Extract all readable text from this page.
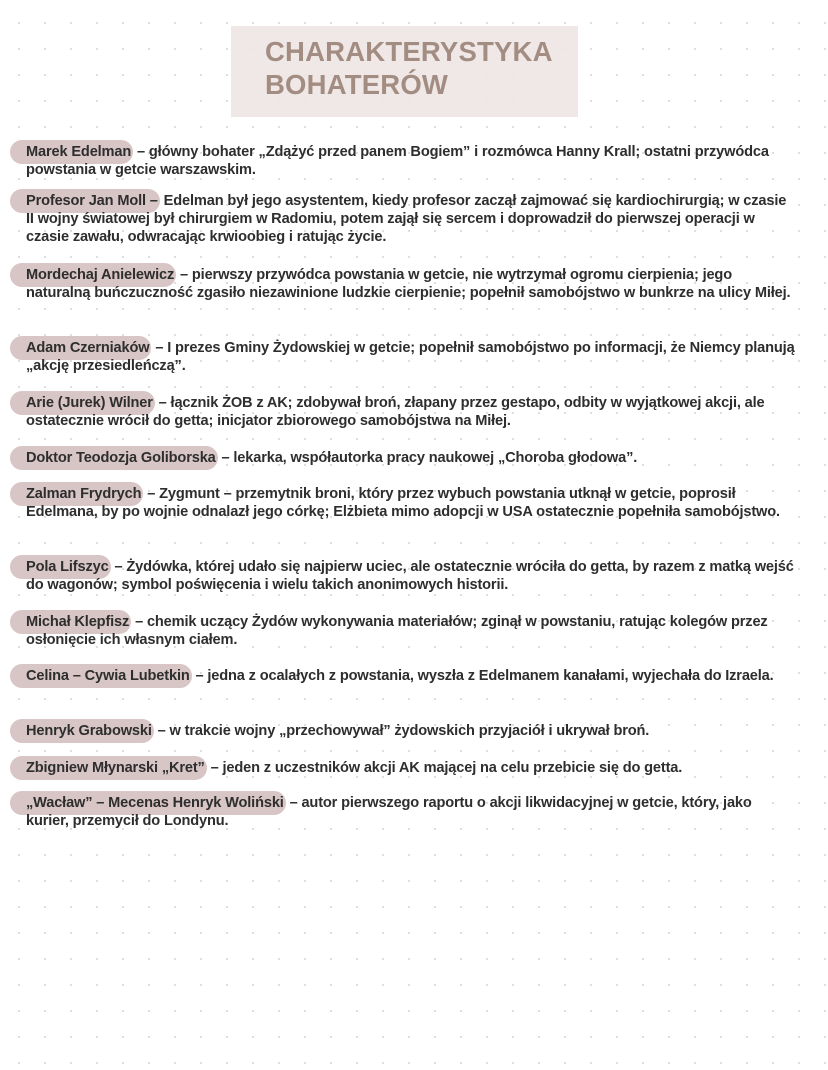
CHARAKTERYSTYKA
BOHATERÓW
Marek Edelman – główny bohater „Zdążyć przed panem Bogiem” i rozmówca Hanny Krall; ostatni przywódca powstania w getcie warszawskim.
Profesor Jan Moll – Edelman był jego asystentem, kiedy profesor zaczął zajmować się kardiochirurgią; w czasie II wojny światowej był chirurgiem w Radomiu, potem zajął się sercem i doprowadził do pierwszej operacji w czasie zawału, odwracając krwioobieg i ratując życie.
Mordechaj Anielewicz – pierwszy przywódca powstania w getcie, nie wytrzymał ogromu cierpienia; jego naturalną buńczuczność zgasiło niezawinione ludzkie cierpienie; popełnił samobójstwo w bunkrze na ulicy Miłej.
Adam Czerniaków – I prezes Gminy Żydowskiej w getcie; popełnił samobójstwo po informacji, że Niemcy planują „akcję przesiedleńczą”.
Arie (Jurek) Wilner – łącznik ŻOB z AK; zdobywał broń, złapany przez gestapo, odbity w wyjątkowej akcji, ale ostatecznie wrócił do getta; inicjator zbiorowego samobójstwa na Miłej.
Doktor Teodozja Goliborska – lekarka, współautorka pracy naukowej „Choroba głodowa”.
Zalman Frydrych – Zygmunt – przemytnik broni, który przez wybuch powstania utknął w getcie, poprosił Edelmana, by po wojnie odnalazł jego córkę; Elżbieta mimo adopcji w USA ostatecznie popełniła samobójstwo.
Pola Lifszyc – Żydówka, której udało się najpierw uciec, ale ostatecznie wróciła do getta, by razem z matką wejść do wagonów; symbol poświęcenia i wielu takich anonimowych historii.
Michał Klepfisz – chemik uczący Żydów wykonywania materiałów; zginął w powstaniu, ratując kolegów przez osłonięcie ich własnym ciałem.
Celina – Cywia Lubetkin – jedna z ocalałych z powstania, wyszła z Edelmanem kanałami, wyjechała do Izraela.
Henryk Grabowski – w trakcie wojny „przechowywał” żydowskich przyjaciół i ukrywał broń.
Zbigniew Młynarski „Kret” – jeden z uczestników akcji AK mającej na celu przebicie się do getta.
„Wacław” – Mecenas Henryk Woliński – autor pierwszego raportu o akcji likwidacyjnej w getcie, który, jako kurier, przemycił do Londynu.
